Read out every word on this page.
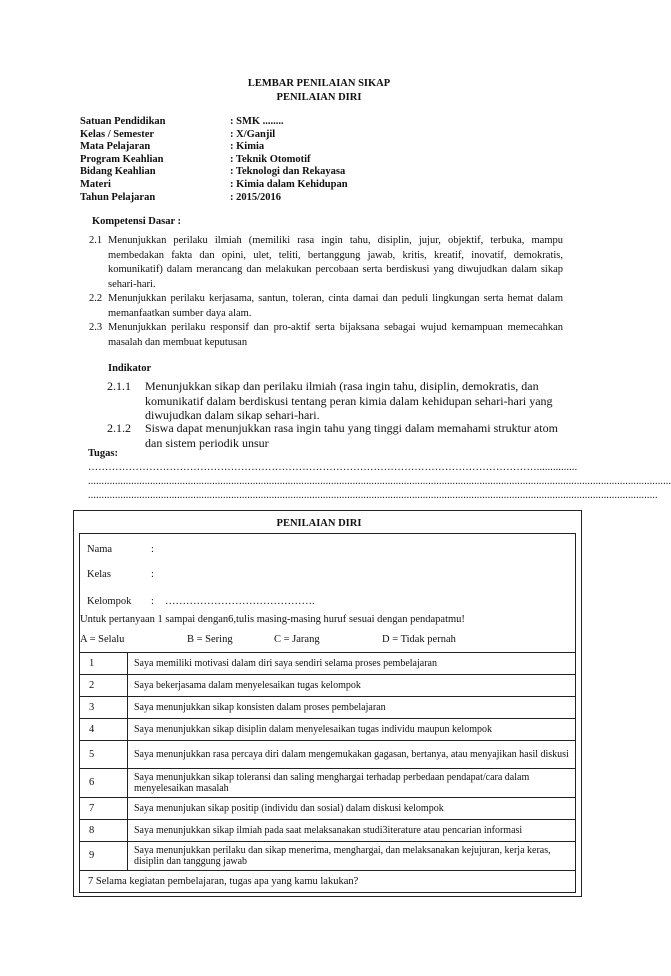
LEMBAR PENILAIAN SIKAP
PENILAIAN DIRI
Satuan Pendidikan	: SMK ........
Kelas / Semester	: X/Ganjil
Mata Pelajaran	: Kimia
Program Keahlian	: Teknik Otomotif
Bidang Keahlian	: Teknologi dan Rekayasa
Materi	: Kimia dalam Kehidupan
Tahun Pelajaran	: 2015/2016
Kompetensi Dasar :
2.1 Menunjukkan perilaku ilmiah (memiliki rasa ingin tahu, disiplin, jujur, objektif, terbuka, mampu membedakan fakta dan opini, ulet, teliti, bertanggung jawab, kritis, kreatif, inovatif, demokratis, komunikatif) dalam merancang dan melakukan percobaan serta berdiskusi yang diwujudkan dalam sikap sehari-hari.
2.2 Menunjukkan perilaku kerjasama, santun, toleran, cinta damai dan peduli lingkungan serta hemat dalam memanfaatkan sumber daya alam.
2.3 Menunjukkan perilaku responsif dan pro-aktif serta bijaksana sebagai wujud kemampuan memecahkan masalah dan membuat keputusan
Indikator
2.1.1	Menunjukkan sikap dan perilaku ilmiah (rasa ingin tahu, disiplin, demokratis, dan komunikatif dalam berdiskusi tentang peran kimia dalam kehidupan sehari-hari yang diwujudkan dalam sikap sehari-hari.
2.1.2	Siswa dapat menunjukkan rasa ingin tahu yang tinggi dalam memahami struktur atom dan sistem periodik unsur
Tugas:
……………………………………………………………………………………………………………………...............
........................................................................................................................................................................................................................
...................................................................................................................................................................................................................
PENILAIAN DIRI
Nama	:
Kelas	:
Kelompok : …………………………………….
Untuk pertanyaan 1 sampai dengan6,tulis masing-masing huruf sesuai dengan pendapatmu!
A = Selalu	B = Sering	C = Jarang	D = Tidak pernah
1	Saya memiliki motivasi dalam diri saya sendiri selama proses pembelajaran
2	Saya bekerjasama dalam menyelesaikan tugas kelompok
3	Saya menunjukkan sikap konsisten dalam proses pembelajaran
4	Saya menunjukkan sikap disiplin dalam menyelesaikan tugas individu maupun kelompok
5	Saya menunjukkan rasa percaya diri dalam mengemukakan gagasan, bertanya, atau menyajikan hasil diskusi
6	Saya menunjukkan sikap toleransi dan saling menghargai terhadap perbedaan pendapat/cara dalam menyelesaikan masalah
7	Saya menunjukan sikap positip (individu dan sosial) dalam diskusi kelompok
8	Saya menunjukkan sikap ilmiah pada saat melaksanakan studi3iterature atau pencarian informasi
9	Saya menunjukkan perilaku dan sikap menerima, menghargai, dan melaksanakan kejujuran, kerja keras, disiplin dan tanggung jawab
7 Selama kegiatan pembelajaran, tugas apa yang kamu lakukan?	
